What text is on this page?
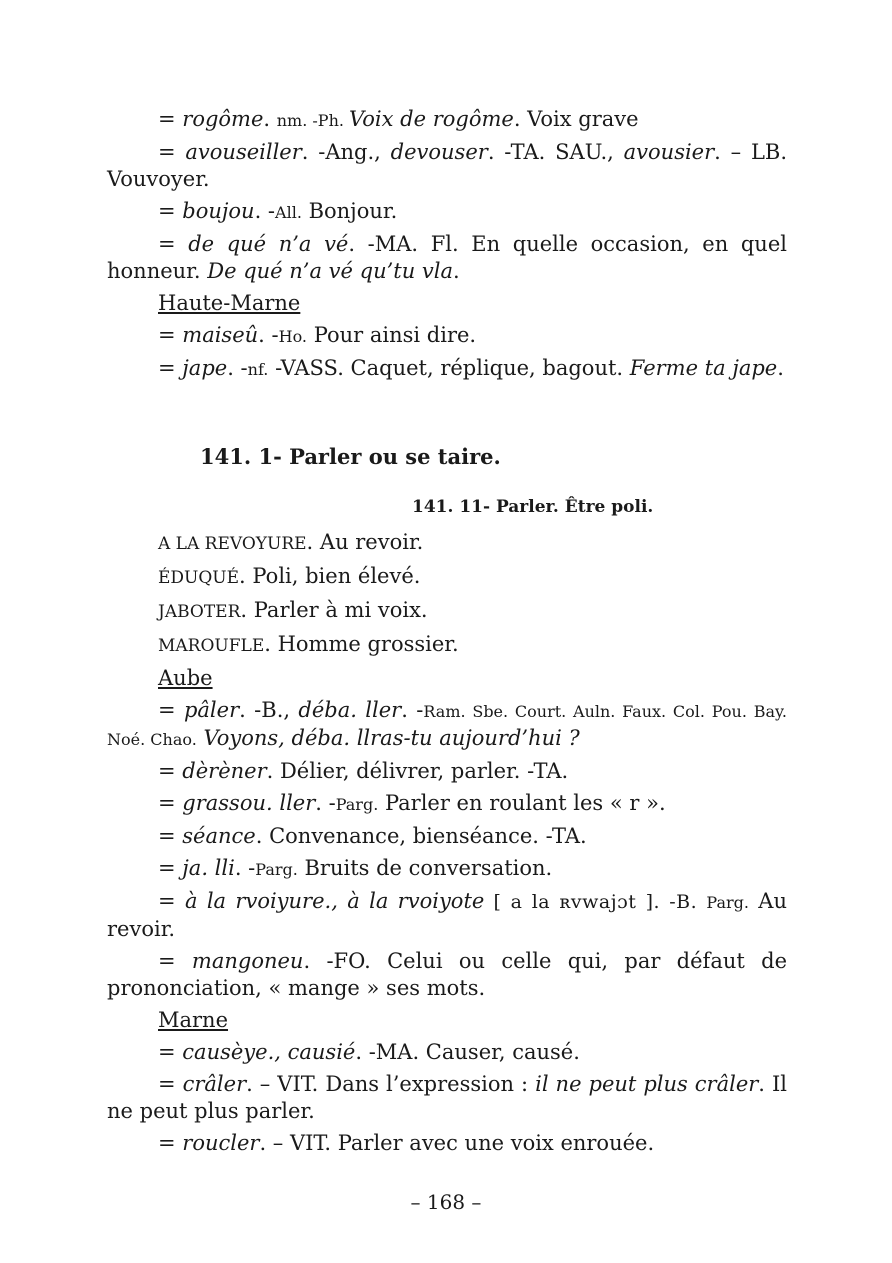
= rogôme. nm. -Ph. Voix de rogôme. Voix grave

= avouseiller. -Ang., devouser. -TA. SAU., avousier. – LB. Vouvoyer.

= boujou. -All. Bonjour.

= de qué n’a vé. -MA. Fl. En quelle occasion, en quel honneur. De qué n’a vé qu’tu vla.

Haute-Marne

= maiseû. -Ho. Pour ainsi dire.

= jape. -nf. -VASS. Caquet, réplique, bagout. Ferme ta jape.

141. 1- Parler ou se taire.
141. 11- Parler. Être poli.

A LA REVOYURE. Au revoir.

ÉDUQUÉ. Poli, bien élevé.

JABOTER. Parler à mi voix.

MAROUFLE. Homme grossier.

Aube

= pâler. -B., déba. ller. -Ram. Sbe. Court. Auln. Faux. Col. Pou. Bay. Noé. Chao. Voyons, déba. llras-tu aujourd’hui ?

= dèrèner. Délier, délivrer, parler. -TA.

= grassou. ller. -Parg. Parler en roulant les « r ».

= séance. Convenance, bienséance. -TA.

= ja. lli. -Parg. Bruits de conversation.

= à la rvoiyure., à la rvoiyote [ a la ʀvwajɔt ]. -B. Parg. Au revoir.

= mangoneu. -FO. Celui ou celle qui, par défaut de prononciation, « mange » ses mots.

Marne

= causèye., causié. -MA. Causer, causé.

= crâler. – VIT. Dans l’expression : il ne peut plus crâler. Il ne peut plus parler.

= roucler. – VIT. Parler avec une voix enrouée.

– 168 –
